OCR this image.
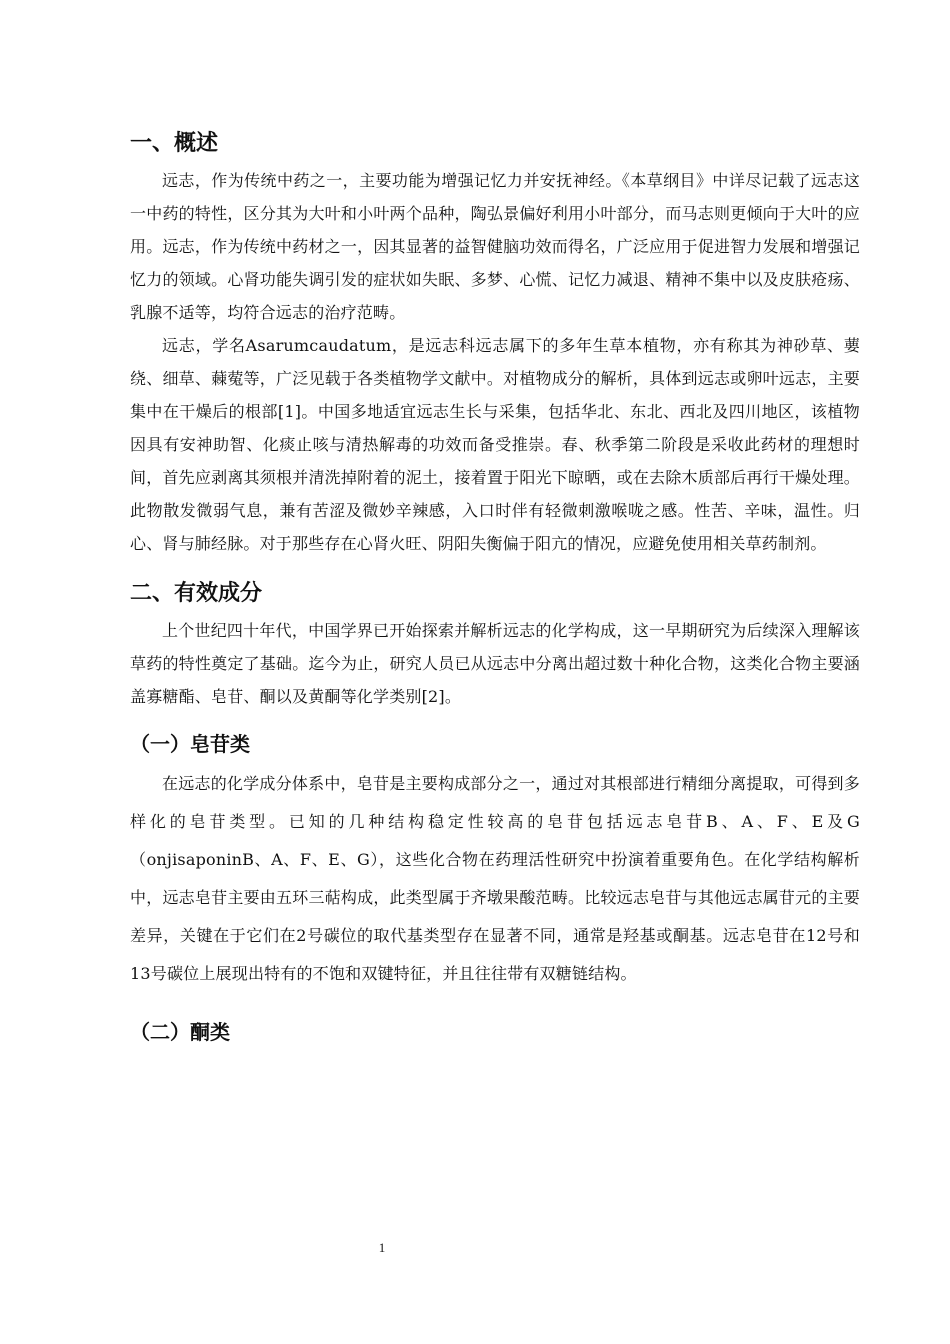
一、概述

远志，作为传统中药之一，主要功能为增强记忆力并安抚神经。《本草纲目》中详尽记载了远志这一中药的特性，区分其为大叶和小叶两个品种，陶弘景偏好利用小叶部分，而马志则更倾向于大叶的应用。远志，作为传统中药材之一，因其显著的益智健脑功效而得名，广泛应用于促进智力发展和增强记忆力的领域。心肾功能失调引发的症状如失眠、多梦、心慌、记忆力减退、精神不集中以及皮肤疮疡、乳腺不适等，均符合远志的治疗范畴。

远志，学名Asarumcaudatum，是远志科远志属下的多年生草本植物，亦有称其为神砂草、葽绕、细草、蕀蒬等，广泛见载于各类植物学文献中。对植物成分的解析，具体到远志或卵叶远志，主要集中在干燥后的根部[1]。中国多地适宜远志生长与采集，包括华北、东北、西北及四川地区，该植物因具有安神助智、化痰止咳与清热解毒的功效而备受推崇。春、秋季第二阶段是采收此药材的理想时间，首先应剥离其须根并清洗掉附着的泥土，接着置于阳光下晾晒，或在去除木质部后再行干燥处理。此物散发微弱气息，兼有苦涩及微妙辛辣感，入口时伴有轻微刺激喉咙之感。性苦、辛味，温性。归心、肾与肺经脉。对于那些存在心肾火旺、阴阳失衡偏于阳亢的情况，应避免使用相关草药制剂。

二、有效成分

上个世纪四十年代，中国学界已开始探索并解析远志的化学构成，这一早期研究为后续深入理解该草药的特性奠定了基础。迄今为止，研究人员已从远志中分离出超过数十种化合物，这类化合物主要涵盖寡糖酯、皂苷、酮以及黄酮等化学类别[2]。

（一）皂苷类

在远志的化学成分体系中，皂苷是主要构成部分之一，通过对其根部进行精细分离提取，可得到多样化的皂苷类型。已知的几种结构稳定性较高的皂苷包括远志皂苷B、A、F、E及G（onjisaponinB、A、F、E、G），这些化合物在药理活性研究中扮演着重要角色。在化学结构解析中，远志皂苷主要由五环三萜构成，此类型属于齐墩果酸范畴。比较远志皂苷与其他远志属苷元的主要差异，关键在于它们在2号碳位的取代基类型存在显著不同，通常是羟基或酮基。远志皂苷在12号和13号碳位上展现出特有的不饱和双键特征，并且往往带有双糖链结构。

（二）酮类
1
